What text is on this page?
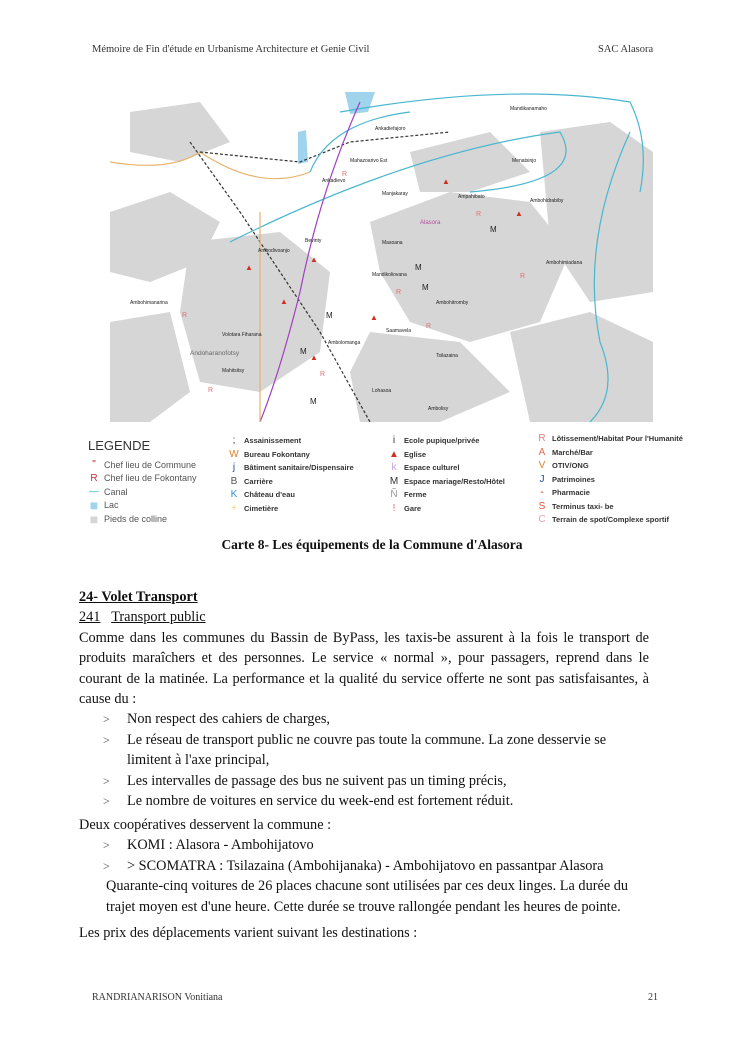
Mémoire de Fin d'étude en Urbanisme Architecture et Genie Civil	SAC Alasora
Ambodivoanjo
Mahazoarivo Est
Ankadievo
Ambohimanarina
Ambohidrabiby
Alasora
Masoana
Mandikoliovana
Ambohitromby
Saamavela
Tsilazaina
Lohasoa
Ambolisy
Volotara Fiharana
Andoharanofotsy
Mahitsitsy
Ambolomanga
Mandikanamaho
Menatsinjo
Ampahibato
Ankadiefajoro
Ambohimiadana
Manjakaray
Bevinty
▲
▲
▲
▲
▲
▲
▲
R
R
R
R
R
R
R
R
M
M
M
M
M
M
LEGENDE
" Chef lieu de Commune
R Chef lieu de Fokontany
— Canal
■ Lac
■ Pieds de colline
;	Assainissement
W Bureau Fokontany
j	Bâtiment sanitaire/Dispensaire
B Carrière
K Château d'eau
+ Cimetière
i	Ecole pupique/privée
▲ Eglise
k	Espace culturel
M Espace mariage/Resto/Hôtel
Ñ Ferme
!	Gare
R Lôtissement/Habitat Pour l'Humanité
A Marché/Bar
V OTIV/ONG
J	Patrimoines
-	Pharmacie
S Terminus taxi- be
C Terrain de spot/Complexe sportif
Carte 8- Les équipements de la Commune d'Alasora
24- Volet Transport
241 Transport public

Comme dans les communes du Bassin de ByPass, les taxis-be assurent à la fois le transport de produits maraîchers et des personnes. Le service « normal », pour passagers, reprend dans le courant de la matinée. La performance et la qualité du service offerte ne sont pas satisfaisantes, à cause du :

> Non respect des cahiers de charges,
> Le réseau de transport public ne couvre pas toute la commune. La zone desservie se limitent à l'axe principal,
> Les intervalles de passage des bus ne suivent pas un timing précis,
> Le nombre de voitures en service du week-end est fortement réduit.

Deux coopératives desservent la commune :

> KOMI : Alasora - Ambohijatovo
> > SCOMATRA : Tsilazaina (Ambohijanaka) - Ambohijatovo en passantpar Alasora

Quarante-cinq voitures de 26 places chacune sont utilisées par ces deux linges. La durée du trajet moyen est d'une heure. Cette durée se trouve rallongée pendant les heures de pointe.

Les prix des déplacements varient suivant les destinations :

RANDRIANARISON Vonitiana	21
